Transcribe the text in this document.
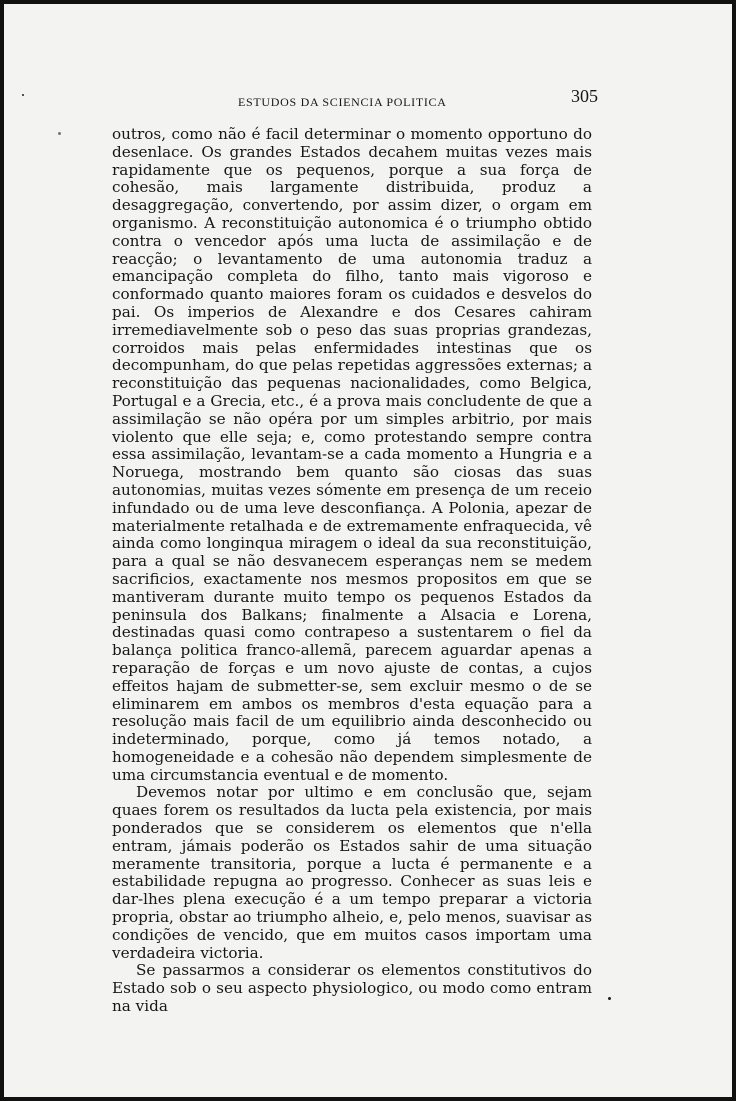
ESTUDOS DA SCIENCIA POLITICA	305

outros, como não é facil determinar o momento opportuno do desenlace. Os grandes Estados decahem muitas vezes mais rapidamente que os pequenos, porque a sua força de cohesão, mais largamente distribuida, produz a desaggregação, convertendo, por assim dizer, o orgam em organismo. A reconstituição autonomica é o triumpho obtido contra o vencedor após uma lucta de assimilação e de reacção; o levantamento de uma autonomia traduz a emancipação completa do filho, tanto mais vigoroso e conformado quanto maiores foram os cuidados e desvelos do pai. Os imperios de Alexandre e dos Cesares cahiram irremediavelmente sob o peso das suas proprias grandezas, corroidos mais pelas enfermidades intestinas que os decompunham, do que pelas repetidas aggressões externas; a reconstituição das pequenas nacionalidades, como Belgica, Portugal e a Grecia, etc., é a prova mais concludente de que a assimilação se não opéra por um simples arbitrio, por mais violento que elle seja; e, como protestando sempre contra essa assimilação, levantam-se a cada momento a Hungria e a Noruega, mostrando bem quanto são ciosas das suas autonomias, muitas vezes sómente em presença de um receio infundado ou de uma leve desconfiança. A Polonia, apezar de materialmente retalhada e de extremamente enfraquecida, vê ainda como longinqua miragem o ideal da sua reconstituição, para a qual se não desvanecem esperanças nem se medem sacrificios, exactamente nos mesmos propositos em que se mantiveram durante muito tempo os pequenos Estados da peninsula dos Balkans; finalmente a Alsacia e Lorena, destinadas quasi como contrapeso a sustentarem o fiel da balança politica franco-allemã, parecem aguardar apenas a reparação de forças e um novo ajuste de contas, a cujos effeitos hajam de submetter-se, sem excluir mesmo o de se eliminarem em ambos os membros d'esta equação para a resolução mais facil de um equilibrio ainda desconhecido ou indeterminado, porque, como já temos notado, a homogeneidade e a cohesão não dependem simplesmente de uma circumstancia eventual e de momento.

Devemos notar por ultimo e em conclusão que, sejam quaes forem os resultados da lucta pela existencia, por mais ponderados que se considerem os elementos que n'ella entram, jámais poderão os Estados sahir de uma situação meramente transitoria, porque a lucta é permanente e a estabilidade repugna ao progresso. Conhecer as suas leis e dar-lhes plena execução é a um tempo preparar a victoria propria, obstar ao triumpho alheio, e, pelo menos, suavisar as condições de vencido, que em muitos casos importam uma verdadeira victoria.

Se passarmos a considerar os elementos constitutivos do Estado sob o seu aspecto physiologico, ou modo como entram na vida
